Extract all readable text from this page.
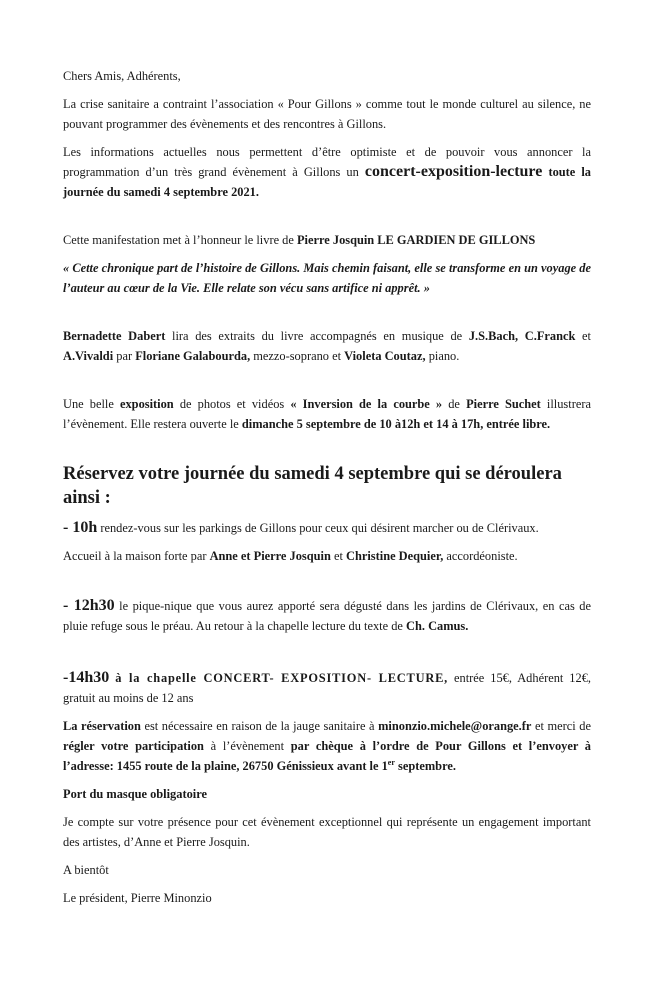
Chers Amis, Adhérents,

La crise sanitaire a contraint l’association « Pour Gillons » comme tout le monde culturel au silence, ne pouvant programmer des évènements et des rencontres à Gillons.

Les informations actuelles nous permettent d’être optimiste et de pouvoir vous annoncer la programmation d’un très grand évènement à Gillons un concert-exposition-lecture toute la journée du samedi 4 septembre 2021.

Cette manifestation met à l’honneur le livre de Pierre Josquin LE GARDIEN DE GILLONS

« Cette chronique part de l’histoire de Gillons. Mais chemin faisant, elle se transforme en un voyage de l’auteur au cœur de la Vie. Elle relate son vécu sans artifice ni apprêt. »

Bernadette Dabert lira des extraits du livre accompagnés en musique de J.S.Bach, C.Franck et A.Vivaldi par Floriane Galabourda, mezzo-soprano et Violeta Coutaz, piano.

Une belle exposition de photos et vidéos « Inversion de la courbe » de Pierre Suchet illustrera l’évènement. Elle restera ouverte le dimanche 5 septembre de 10 à12h et 14 à 17h, entrée libre.

Réservez votre journée du samedi 4 septembre qui se déroulera ainsi :

- 10h rendez-vous sur les parkings de Gillons pour ceux qui désirent marcher ou de Clérivaux.

Accueil à la maison forte par Anne et Pierre Josquin et Christine Dequier, accordéoniste.

- 12h30 le pique-nique que vous aurez apporté sera dégusté dans les jardins de Clérivaux, en cas de pluie refuge sous le préau. Au retour à la chapelle lecture du texte de Ch. Camus.

-14h30 à la chapelle CONCERT- EXPOSITION- LECTURE, entrée 15€, Adhérent 12€, gratuit au moins de 12 ans

La réservation est nécessaire en raison de la jauge sanitaire à minonzio.michele@orange.fr et merci de régler votre participation à l’évènement par chèque à l’ordre de Pour Gillons et l’envoyer à l’adresse: 1455 route de la plaine, 26750 Génissieux avant le 1er septembre.

Port du masque obligatoire

Je compte sur votre présence pour cet évènement exceptionnel qui représente un engagement important des artistes, d’Anne et Pierre Josquin.

A bientôt

Le président, Pierre Minonzio
